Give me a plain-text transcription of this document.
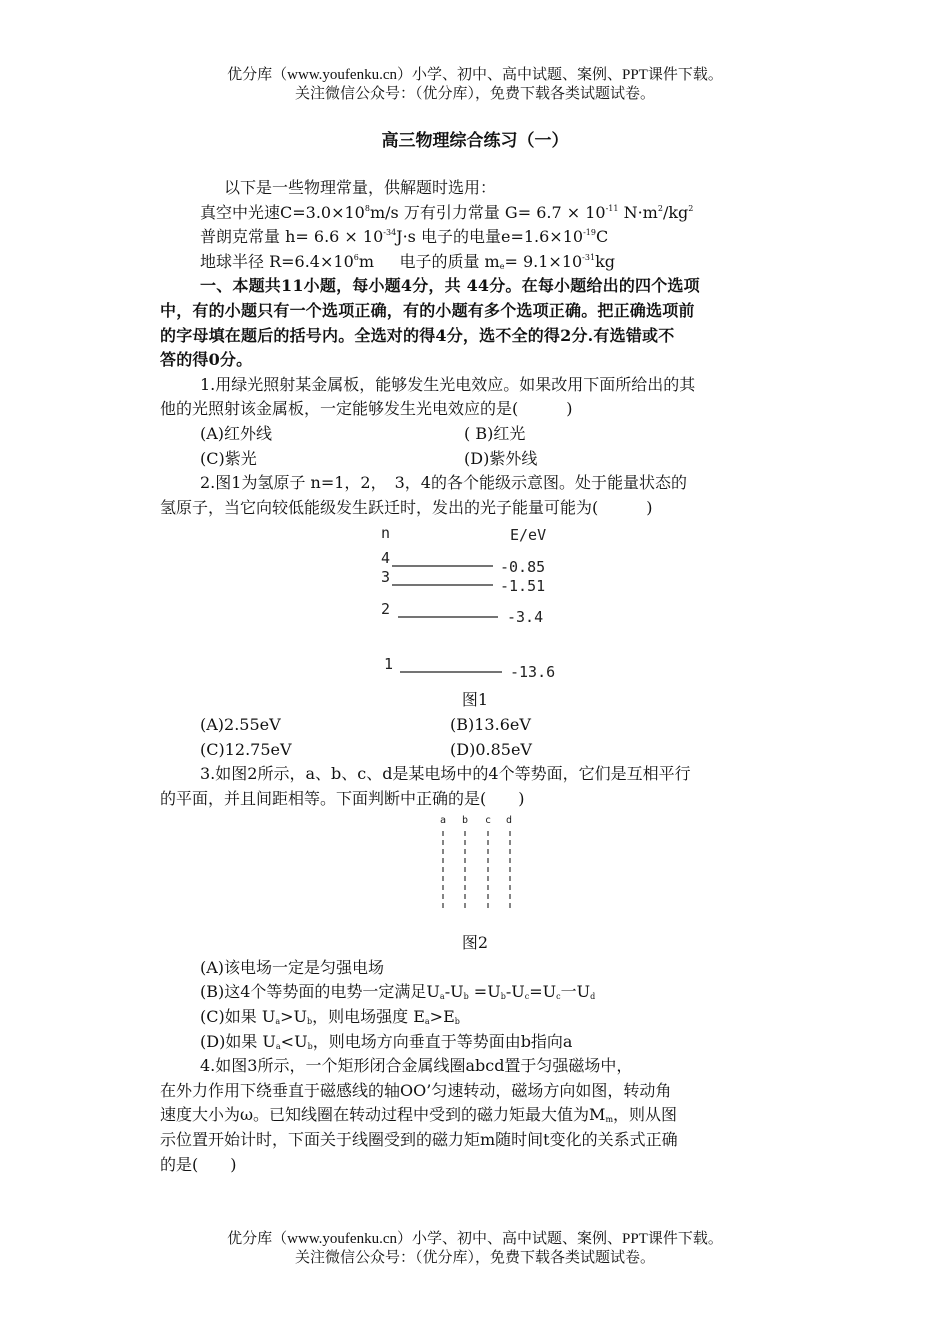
优分库（www.youfenku.cn）小学、初中、高中试题、案例、PPT课件下载。
关注微信公众号：（优分库），免费下载各类试题试卷。
高三物理综合练习（一）
以下是一些物理常量，供解题时选用：
真空中光速$C=3.0\times 10^8m/s$ 万有引力常量 $G= 6.7 \times 10^{-11}$ $N\cdot m^2/kg^2$
普朗克常量 $h= 6.6 \times 10^{-34}J\cdot s$ 电子的电量$e=1.6\times 10^{-19}C$
地球半径 $R=6.4\times 10^6m$ 电子的质量 $m_e= 9.1\times 10^{-31}kg$
一、本题共11小题，每小题4分，共 44分。在每小题给出的四个选项
中，有的小题只有一个选项正确，有的小题有多个选项正确。把正确选项前
的字母填在题后的括号内。全选对的得4分，选不全的得2分.有选错或不
答的得0分。
1.用绿光照射某金属板，能够发生光电效应。如果改用下面所给出的其
他的光照射该金属板，一定能够发生光电效应的是(　　　)
(A)红外线	( B)红光
(C)紫光	(D)紫外线
2.图1为氢原子 n=1，2，　3，4的各个能级示意图。处于能量状态的
氢原子，当它向较低能级发生跃迁时，发出的光子能量可能为(　　　)
n	E/eV
4	-0.85
3	-1.51
2	-3.4
1	-13.6
图1
(A)2.55eV	(B)13.6eV
(C)12.75eV	(D)0.85eV
3.如图2所示，a、b、c、d是某电场中的4个等势面，它们是互相平行
的平面，并且间距相等。下面判断中正确的是(　　)
a b c d
图2
(A)该电场一定是匀强电场
(B)这4个等势面的电势一定满足$U_a-U_b =U_b-U_c=U_c$一$U_d$
(C)如果 $U_a>U_b$，则电场强度 $E_a>E_b$
(D)如果 $U_a<U_b$，则电场方向垂直于等势面由b指向a
4.如图3所示，一个矩形闭合金属线圈abcd置于匀强磁场中，
在外力作用下绕垂直于磁感线的轴OO’匀速转动，磁场方向如图，转动角
速度大小为ω。已知线圈在转动过程中受到的磁力矩最大值为$M_m$，则从图
示位置开始计时，下面关于线圈受到的磁力矩m随时间t变化的关系式正确
的是(　　)
优分库（www.youfenku.cn）小学、初中、高中试题、案例、PPT课件下载。
关注微信公众号：（优分库），免费下载各类试题试卷。
